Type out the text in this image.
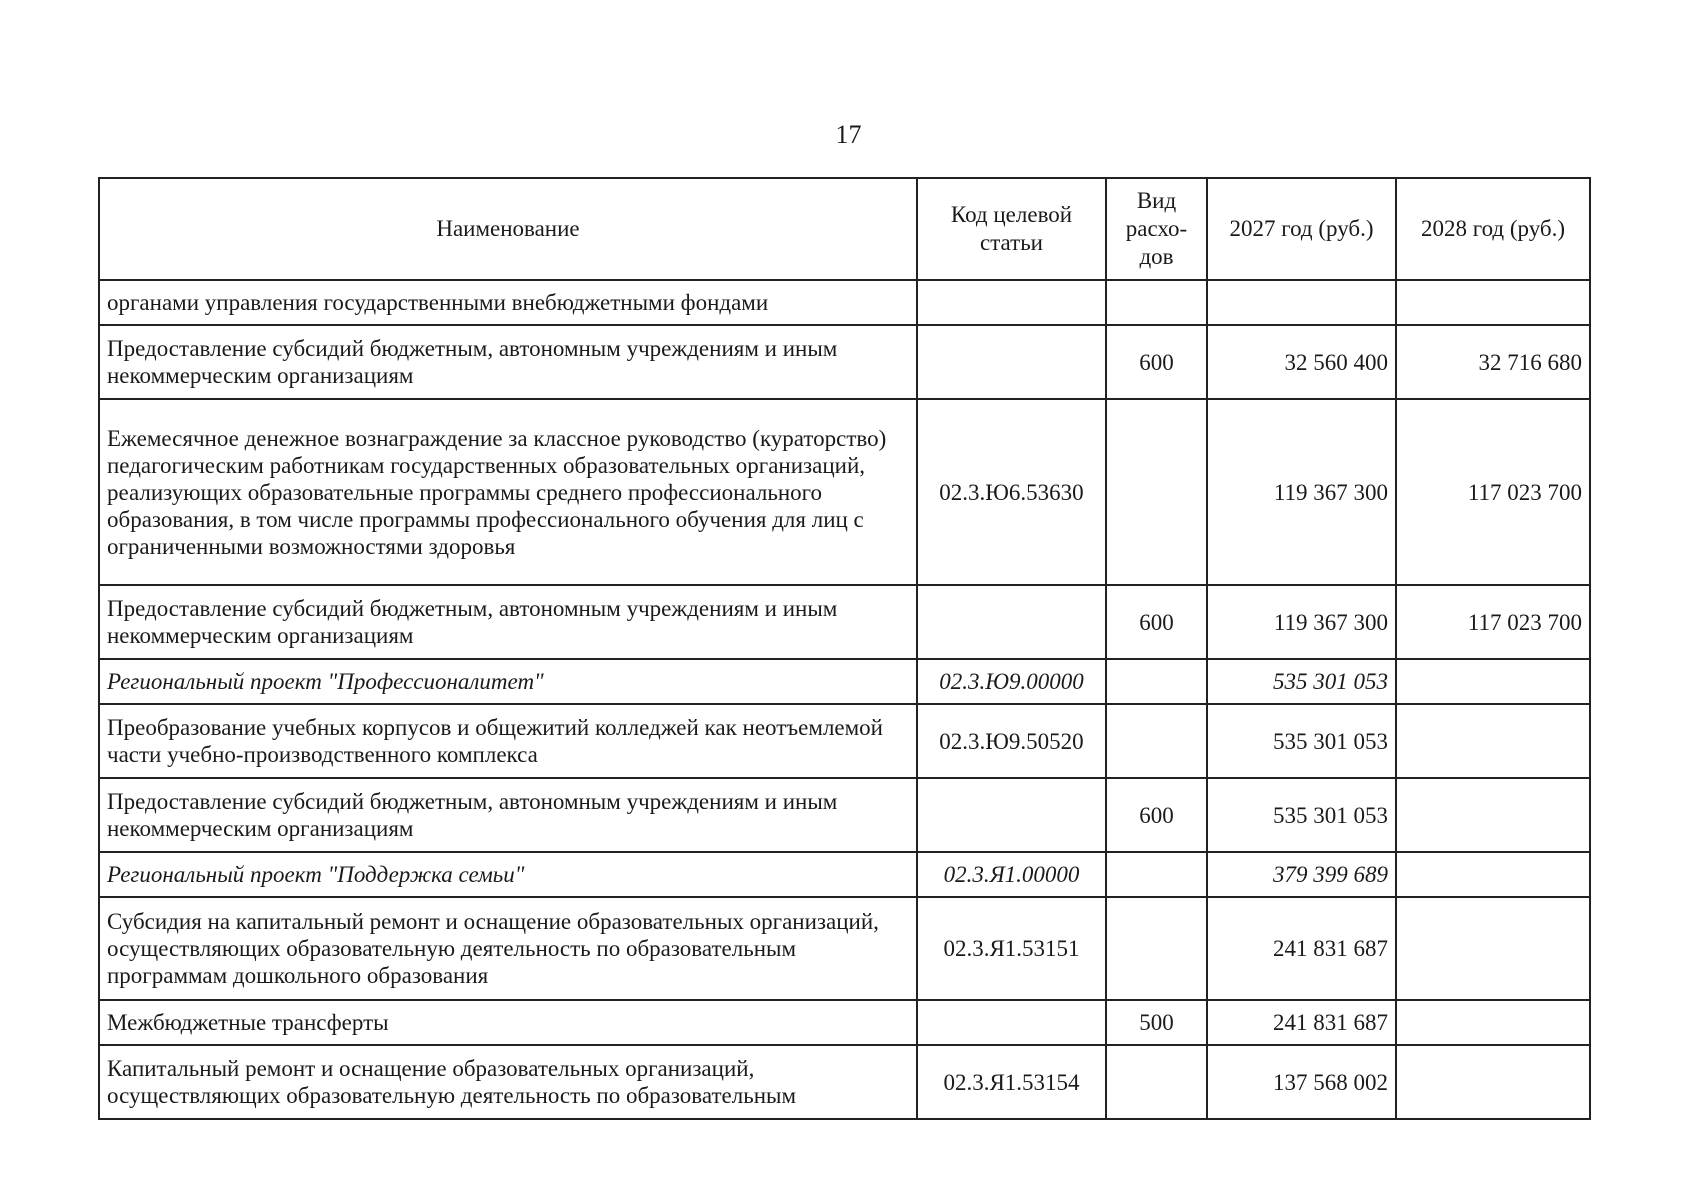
17
Наименование	Код целевой статьи	Вид расхо-дов	2027 год (руб.)	2028 год (руб.)
органами управления государственными внебюджетными фондами				
Предоставление субсидий бюджетным, автономным учреждениям и иным некоммерческим организациям		600	32 560 400	32 716 680
Ежемесячное денежное вознаграждение за классное руководство (кураторство) педагогическим работникам государственных образовательных организаций, реализующих образовательные программы среднего профессионального образования, в том числе программы профессионального обучения для лиц с ограниченными возможностями здоровья	02.3.Ю6.53630		119 367 300	117 023 700
Предоставление субсидий бюджетным, автономным учреждениям и иным некоммерческим организациям		600	119 367 300	117 023 700
Региональный проект "Профессионалитет"	02.3.Ю9.00000		535 301 053	
Преобразование учебных корпусов и общежитий колледжей как неотъемлемой части учебно-производственного комплекса	02.3.Ю9.50520		535 301 053	
Предоставление субсидий бюджетным, автономным учреждениям и иным некоммерческим организациям		600	535 301 053	
Региональный проект "Поддержка семьи"	02.3.Я1.00000		379 399 689	
Субсидия на капитальный ремонт и оснащение образовательных организаций, осуществляющих образовательную деятельность по образовательным программам дошкольного образования	02.3.Я1.53151		241 831 687	
Межбюджетные трансферты		500	241 831 687	
Капитальный ремонт и оснащение образовательных организаций, осуществляющих образовательную деятельность по образовательным	02.3.Я1.53154		137 568 002	
